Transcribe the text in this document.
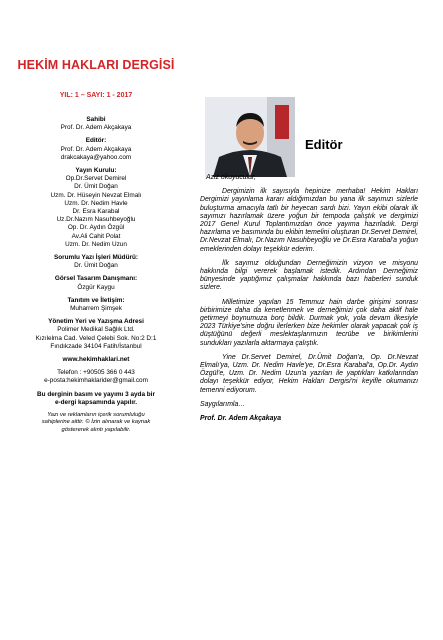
HEKİM HAKLARI DERGİSİ
YIL: 1 – SAYI: 1 - 2017
Sahibi
Prof. Dr. Adem Akçakaya
Editör:
Prof. Dr. Adem Akçakaya
drakcakaya@yahoo.com
Yayın Kurulu:
Op.Dr.Servet Demirel
Dr. Ümit Doğan
Uzm. Dr. Hüseyin Nevzat Elmalı
Uzm. Dr. Nedim Havle
Dr. Esra Karabal
Uz.Dr.Nazım Nasuhbeyoğlu
Op. Dr. Aydın Özgül
Av.Ali Cahit Polat
Uzm. Dr. Nedim Uzun
Sorumlu Yazı İşleri Müdürü:
Dr. Ümit Doğan
Görsel Tasarım Danışmanı:
Özgür Kaygu
Tanıtım ve İletişim:
Muharrem Şimşek
Yönetim Yeri ve Yazışma Adresi
Polimer Medikal Sağlık Ltd.
Kızılelma Cad. Veled Çelebi Sok. No:2 D:1
Fındıkzade 34104 Fatih/İstanbul
www.hekimhaklari.net
Telefon : +90505 366 0 443
e-posta:hekimhaklarider@gmail.com
Bu derginin basım ve yayımı 3 ayda bir
e-dergi kapsamında yapılır.
Yazı ve reklamların içerik sorumluluğu
sahiplerine aittir. © İzin alınarak ve kaynak
göstererek alıntı yapılabilir.
Editör

Aziz okuyucular,

Dergimizin ilk sayısıyla hepinize merhaba! Hekim Hakları Dergimizi yayınlama kararı aldığımızdan bu yana ilk sayımızı sizlerle buluşturma amacıyla tatlı bir heyecan sardı bizi. Yayın ekibi olarak ilk sayımızı hazırlamak üzere yoğun bir tempoda çalıştık ve dergimizi 2017 Genel Kurul Toplantımızdan önce yayıma hazırladık. Dergi hazırlama ve basımında bu ekibin temelini oluşturan Dr.Servet Demirel, Dr.Nevzat Elmalı, Dr.Nazım Nasuhbeyoğlu ve Dr.Esra Karabal'a yoğun emeklerinden dolayı teşekkür ederim.

İlk sayımız olduğundan Derneğimizin vizyon ve misyonu hakkında bilgi vererek başlamak istedik. Ardından Derneğimiz bünyesinde yaptığımız çalışmalar hakkında bazı haberleri sunduk sizlere.

Milletimize yapılan 15 Temmuz hain darbe girişimi sonrası birbirimize daha da kenetlenmek ve derneğimizi çok daha aktif hale getirmeyi boynumuza borç bildik. Durmak yok, yola devam ilkesiyle 2023 Türkiye'sine doğru ilerlerken bize hekimler olarak yapacak çok iş düştüğünü değerli meslektaşlarımızın tecrübe ve birikimlerini sundukları yazılarla aktarmaya çalıştık.

Yine Dr.Servet Demirel, Dr.Ümit Doğan'a, Op. Dr.Nevzat Elmalı'ya, Uzm. Dr. Nedim Havle'ye, Dr.Esra Karabal'a, Op.Dr. Aydın Özgül'e, Uzm. Dr. Nedim Uzun'a yazıları ile yaptıkları katkılarından dolayı teşekkür ediyor, Hekim Hakları Dergisi'ni keyifle okumanızı temenni ediyorum.

Saygılarımla…

Prof. Dr. Adem Akçakaya
